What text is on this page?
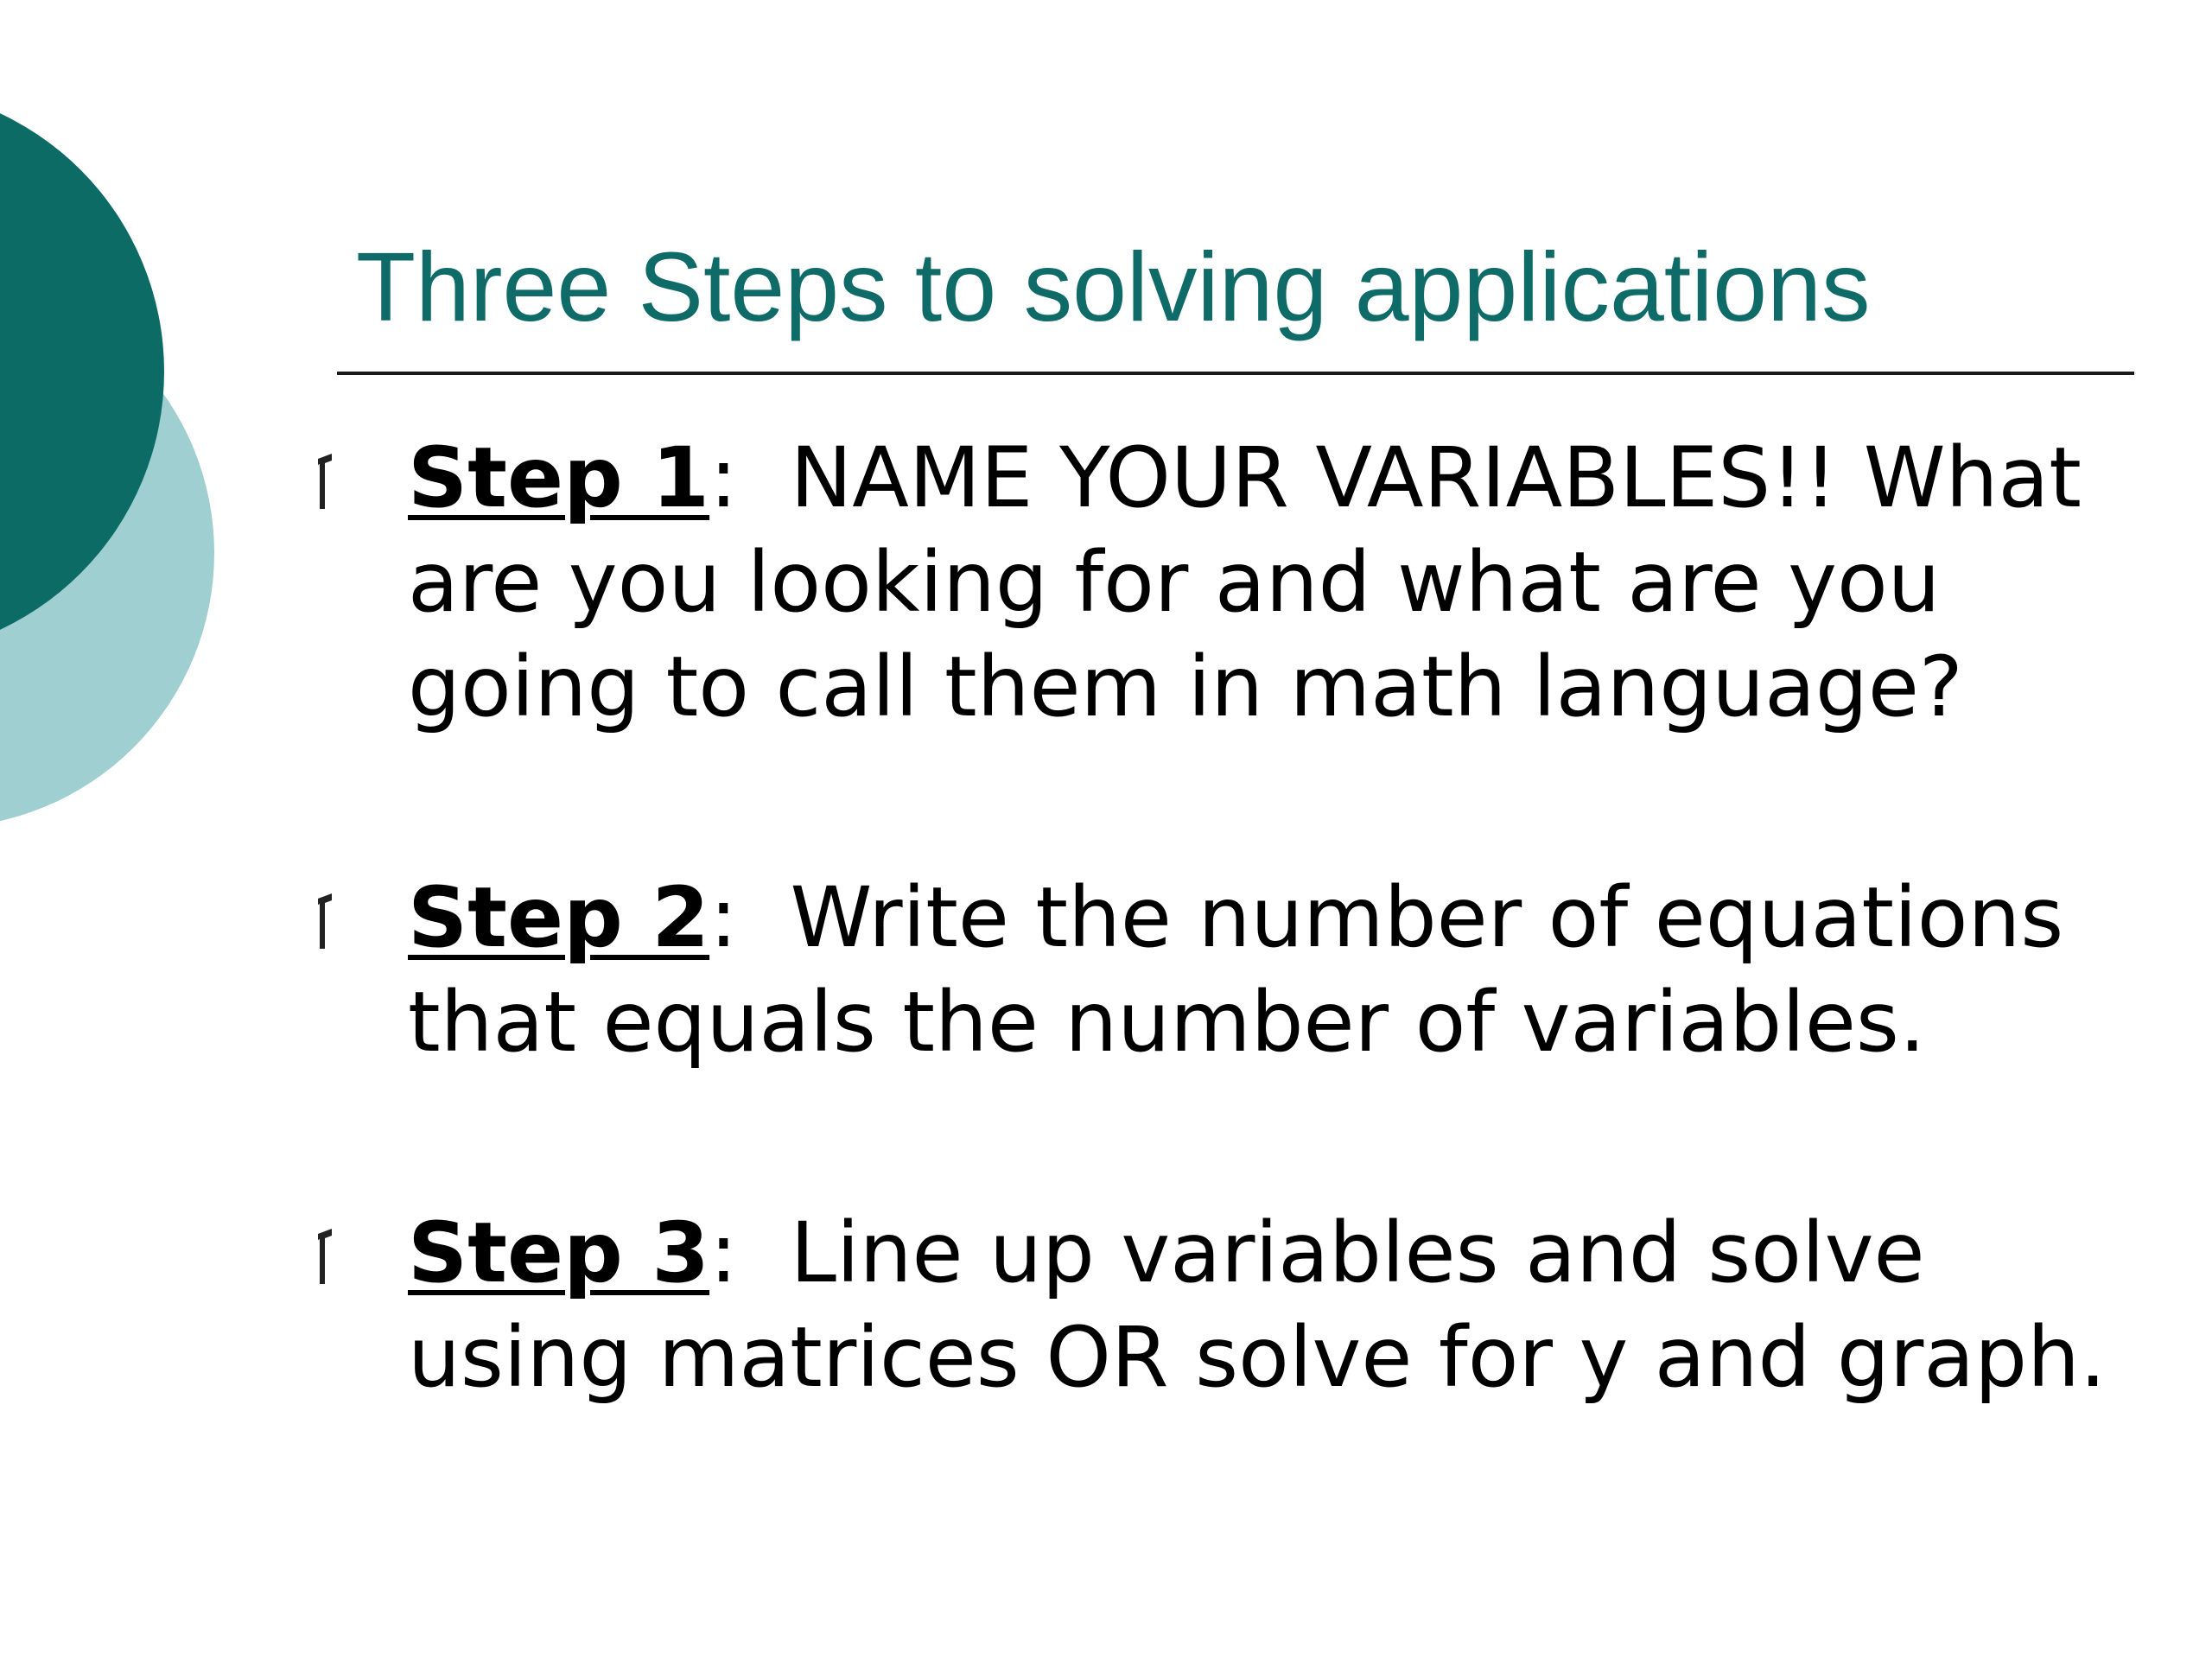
Three Steps to solving applications
Step 1:  NAME YOUR VARIABLES!! What are you looking for and what are you going to call them in math language?
Step 2:  Write the number of equations that equals the number of variables.
Step 3:  Line up variables and solve using matrices OR solve for y and graph.
